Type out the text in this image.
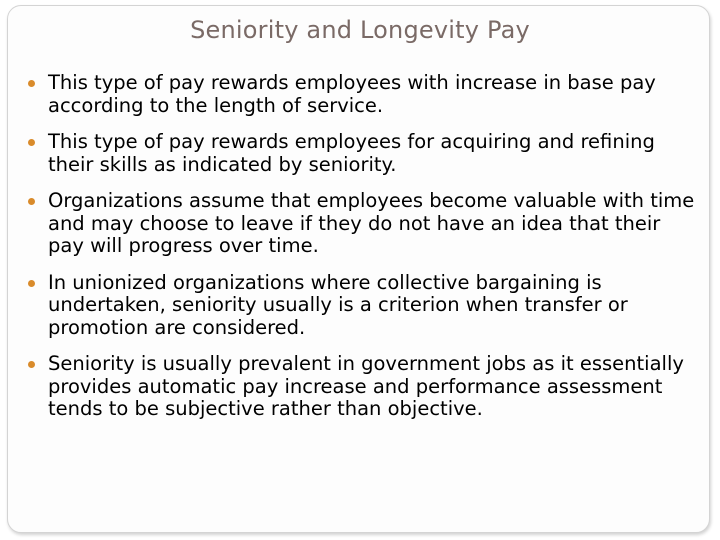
Seniority and Longevity Pay
This type of pay rewards employees with increase in base pay according to the length of service.
This type of pay rewards employees for acquiring and refining their skills as indicated by seniority.
Organizations assume that employees become valuable with time and may choose to leave if they do not have an idea that their pay will progress over time.
In unionized organizations where collective bargaining is undertaken, seniority usually is a criterion when transfer or promotion are considered.
Seniority is usually prevalent in government jobs as it essentially provides automatic pay increase and performance assessment tends to be subjective rather than objective.
